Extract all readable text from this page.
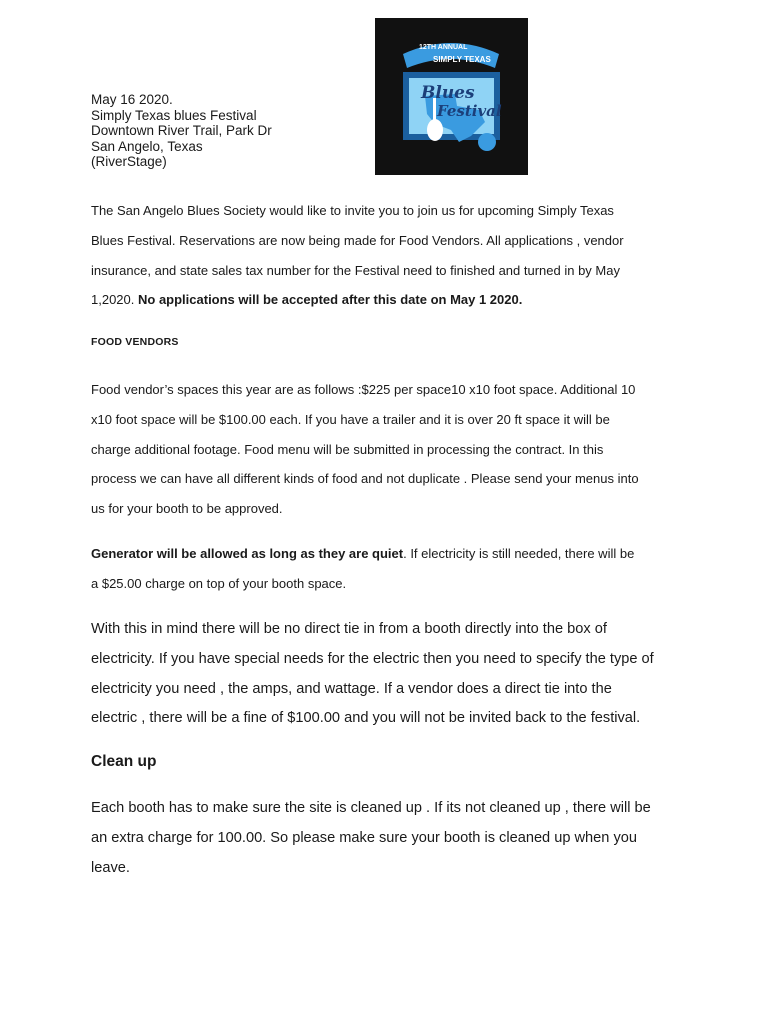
May 16 2020.
Simply Texas blues Festival
Downtown River Trail, Park Dr
San Angelo, Texas
(RiverStage)
12TH ANNUAL
SIMPLY TEXAS
Blues
Festival
The San Angelo Blues Society would like to invite you to join us for upcoming Simply Texas
Blues Festival. Reservations are now being made for Food Vendors. All applications , vendor
insurance, and state sales tax number for the Festival need to finished and turned in by May
1,2020. No applications will be accepted after this date on May 1 2020.
FOOD VENDORS
Food vendor’s spaces this year are as follows :$225 per space10 x10 foot space. Additional 10
x10 foot space will be $100.00 each. If you have a trailer and it is over 20 ft space it will be
charge additional footage. Food menu will be submitted in processing the contract. In this
process we can have all different kinds of food and not duplicate . Please send your menus into
us for your booth to be approved.
Generator will be allowed as long as they are quiet. If electricity is still needed, there will be
a $25.00 charge on top of your booth space.
With this in mind there will be no direct tie in from a booth directly into the box of
electricity. If you have special needs for the electric then you need to specify the type of
electricity you need , the amps, and wattage. If a vendor does a direct tie into the
electric , there will be a fine of $100.00 and you will not be invited back to the festival.
Clean up
Each booth has to make sure the site is cleaned up . If its not cleaned up , there will be
an extra charge for 100.00. So please make sure your booth is cleaned up when you
leave.
